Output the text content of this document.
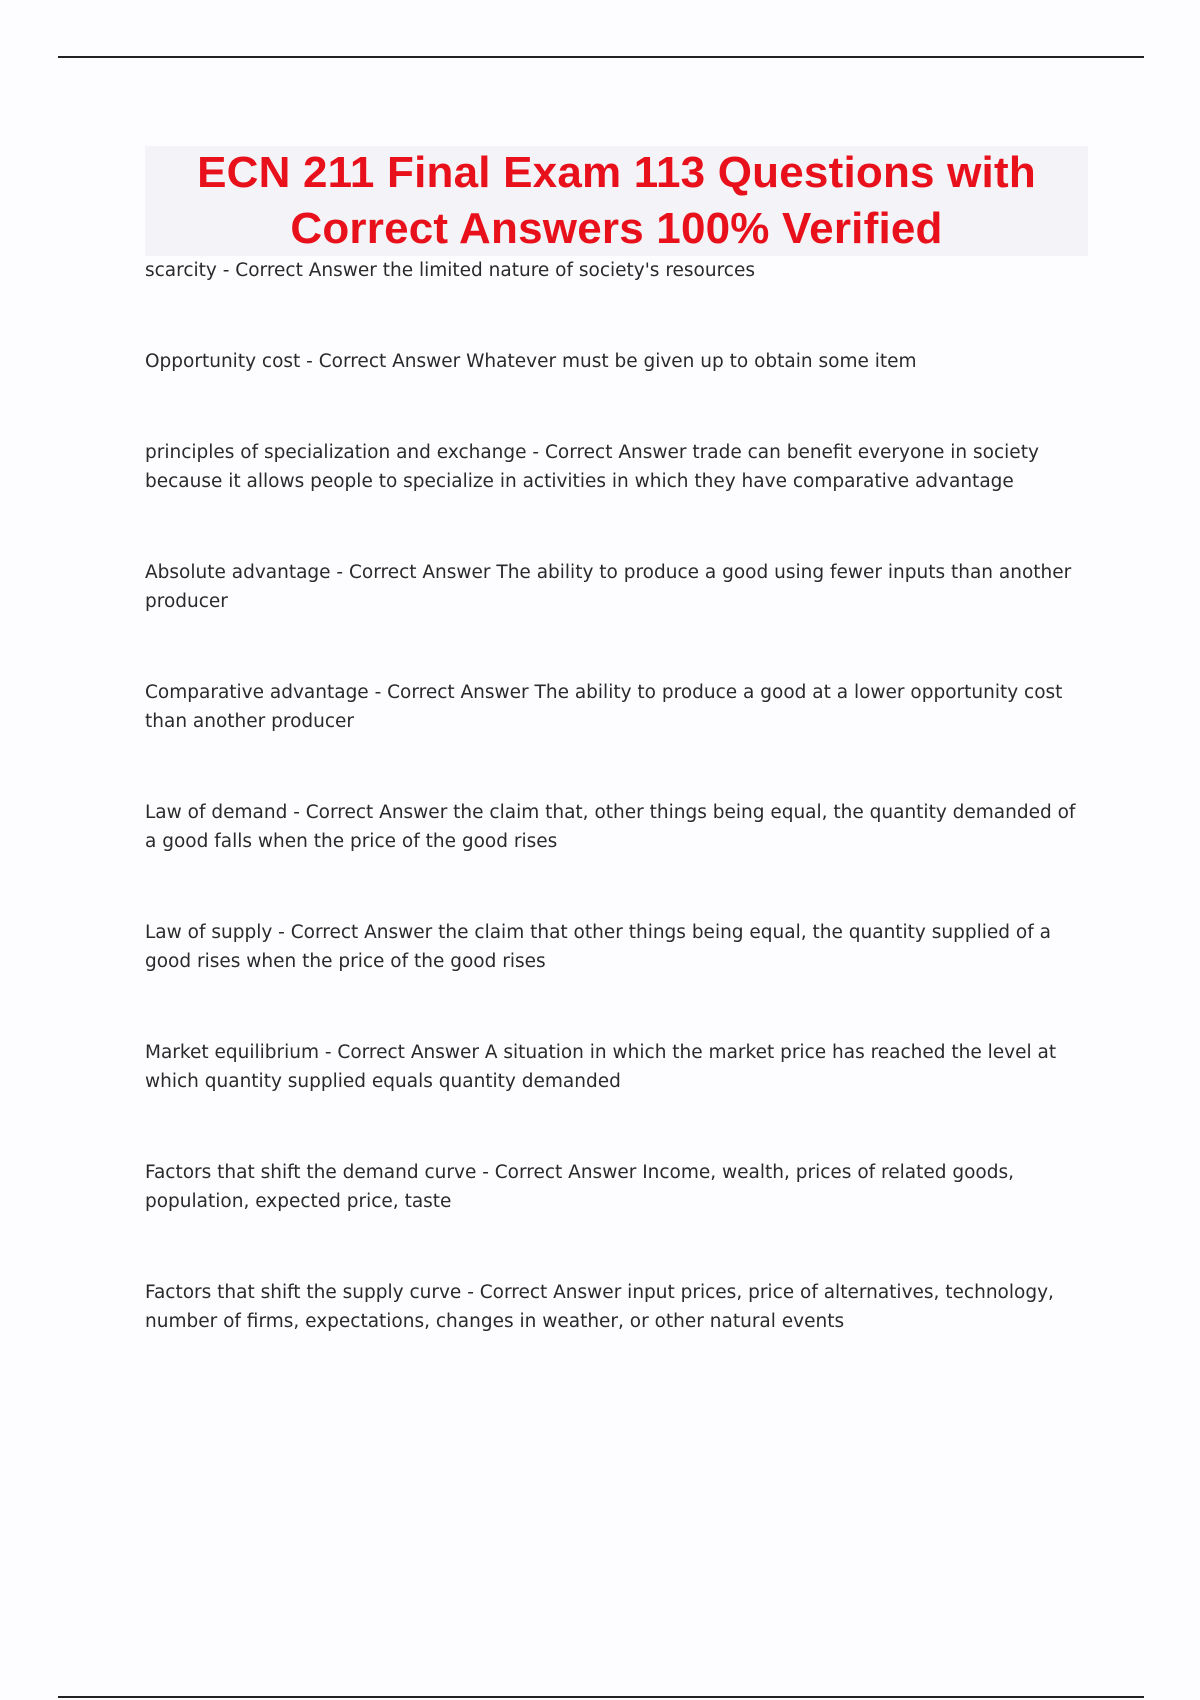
ECN 211 Final Exam 113 Questions with Correct Answers 100% Verified

scarcity - Correct Answer the limited nature of society's resources

Opportunity cost - Correct Answer Whatever must be given up to obtain some item

principles of specialization and exchange - Correct Answer trade can benefit everyone in society because it allows people to specialize in activities in which they have comparative advantage

Absolute advantage - Correct Answer The ability to produce a good using fewer inputs than another producer

Comparative advantage - Correct Answer The ability to produce a good at a lower opportunity cost than another producer

Law of demand - Correct Answer the claim that, other things being equal, the quantity demanded of a good falls when the price of the good rises

Law of supply - Correct Answer the claim that other things being equal, the quantity supplied of a good rises when the price of the good rises

Market equilibrium - Correct Answer A situation in which the market price has reached the level at which quantity supplied equals quantity demanded

Factors that shift the demand curve - Correct Answer Income, wealth, prices of related goods, population, expected price, taste

Factors that shift the supply curve - Correct Answer input prices, price of alternatives, technology, number of firms, expectations, changes in weather, or other natural events
